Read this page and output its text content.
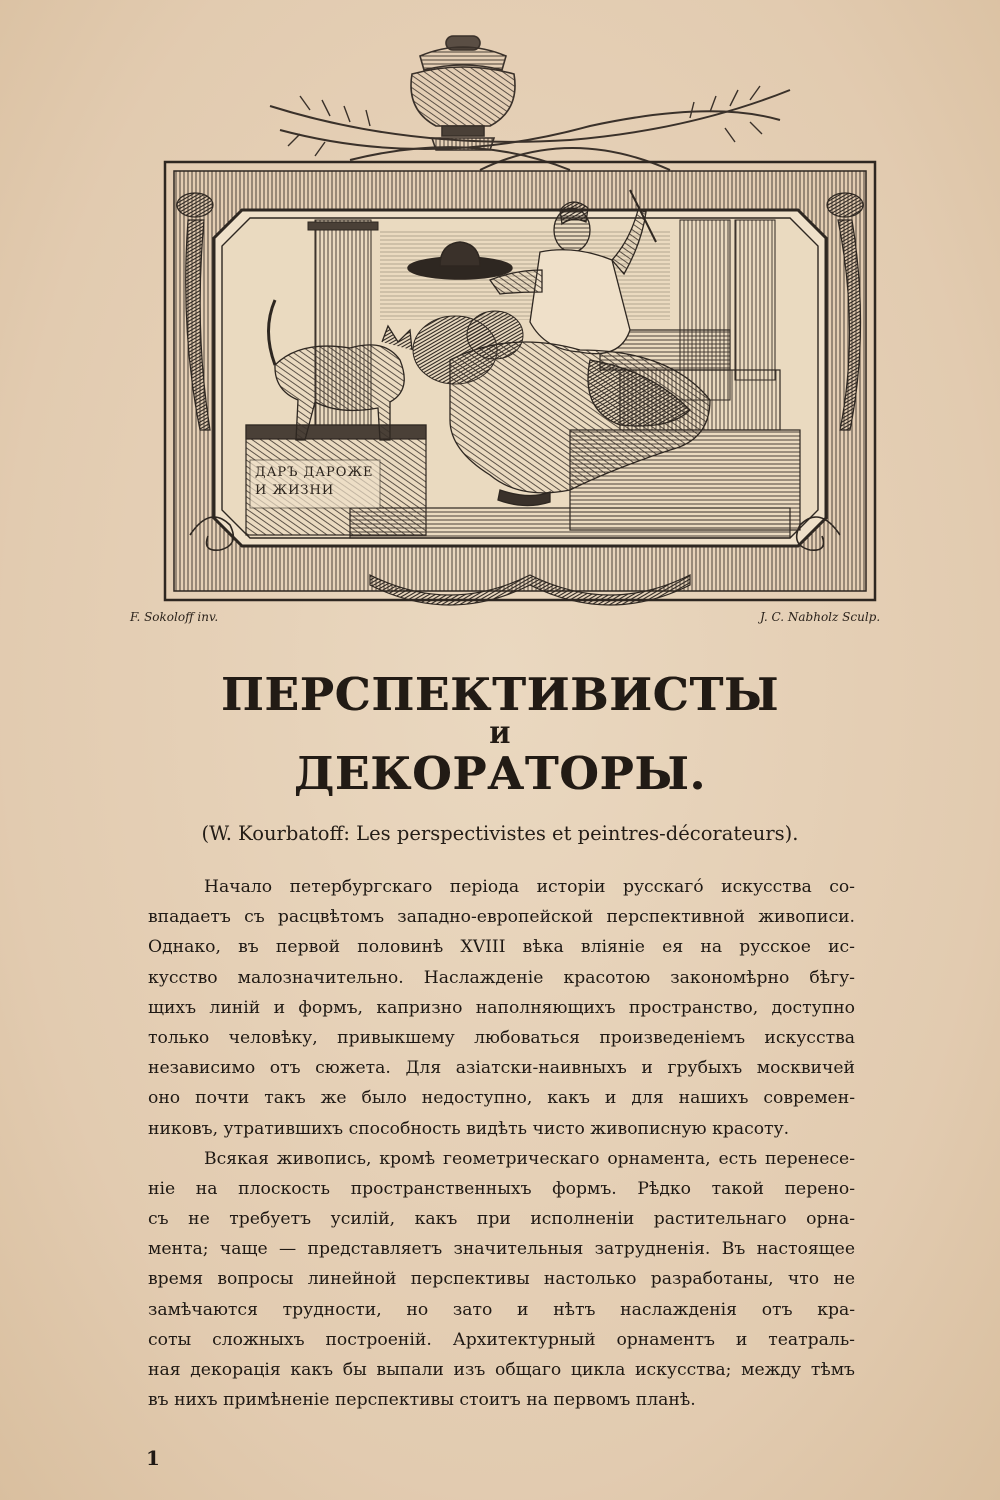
ДАРЪ ДАРОЖЕ
И ЖИЗНИ
F. Sokoloff inv.	J. C. Nabholz Sculp.
ПЕРСПЕКТИВИСТЫ
И
ДЕКОРАТОРЫ.
(W. Kourbatoff: Les perspectivistes et peintres-décorateurs).
Начало петербургскаго періода исторіи русскагó искусства со-
впадаетъ съ расцвѣтомъ западно-европейской перспективной живописи.
Однако, въ первой половинѣ XVIII вѣка вліяніе ея на русское ис-
кусство малозначительно. Наслажденіе красотою закономѣрно бѣгу-
щихъ линій и формъ, капризно наполняющихъ пространство, доступно
только человѣку, привыкшему любоваться произведеніемъ искусства
независимо отъ сюжета. Для азіатски-наивныхъ и грубыхъ москвичей
оно почти такъ же было недоступно, какъ и для нашихъ современ-
никовъ, утратившихъ способность видѣть чисто живописную красоту.
Всякая живопись, кромѣ геометрическаго орнамента, есть перенесе-
ніе на плоскость пространственныхъ формъ. Рѣдко такой перено-
съ не требуетъ усилій, какъ при исполненіи растительнаго орна-
мента; чаще — представляетъ значительныя затрудненія. Въ настоящее
время вопросы линейной перспективы настолько разработаны, что не
замѣчаются трудности, но зато и нѣтъ наслажденія отъ кра-
соты сложныхъ построеній. Архитектурный орнаментъ и театраль-
ная декорація какъ бы выпали изъ общаго цикла искусства; между тѣмъ
въ нихъ примѣненіе перспективы стоитъ на первомъ планѣ.
1
